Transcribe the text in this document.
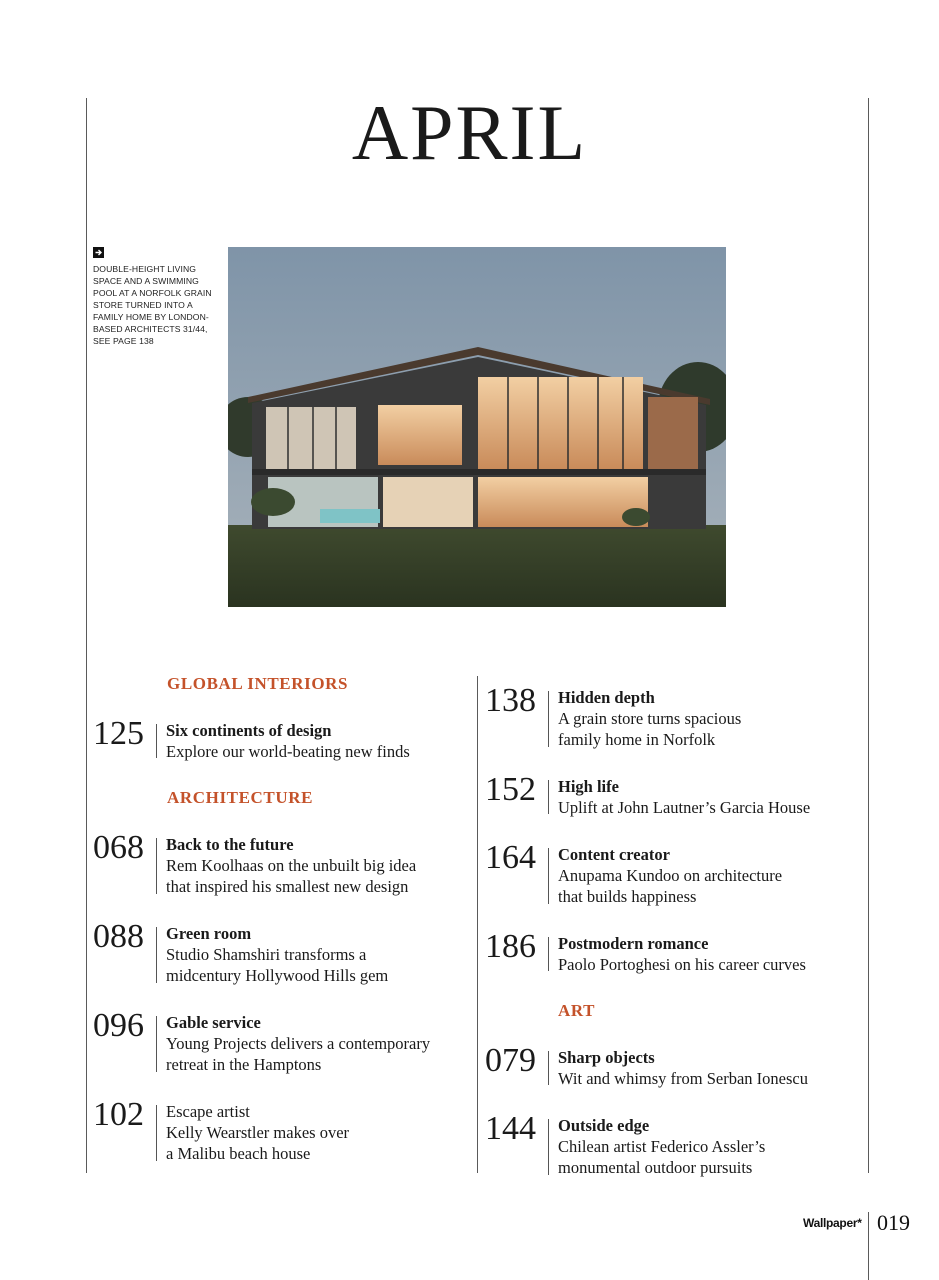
APRIL
DOUBLE-HEIGHT LIVING SPACE AND A SWIMMING POOL AT A NORFOLK GRAIN STORE TURNED INTO A FAMILY HOME BY LONDON-BASED ARCHITECTS 31/44, SEE PAGE 138
GLOBAL INTERIORS
125 Six continents of design
Explore our world-beating new finds
ARCHITECTURE
068 Back to the future
Rem Koolhaas on the unbuilt big idea
that inspired his smallest new design
088 Green room
Studio Shamshiri transforms a
midcentury Hollywood Hills gem
096 Gable service
Young Projects delivers a contemporary
retreat in the Hamptons
102 Escape artist
Kelly Wearstler makes over
a Malibu beach house
138 Hidden depth
A grain store turns spacious
family home in Norfolk
152 High life
Uplift at John Lautner’s Garcia House
164 Content creator
Anupama Kundoo on architecture
that builds happiness
186 Postmodern romance
Paolo Portoghesi on his career curves
ART
079 Sharp objects
Wit and whimsy from Serban Ionescu
144 Outside edge
Chilean artist Federico Assler’s
monumental outdoor pursuits
Wallpaper* 019
